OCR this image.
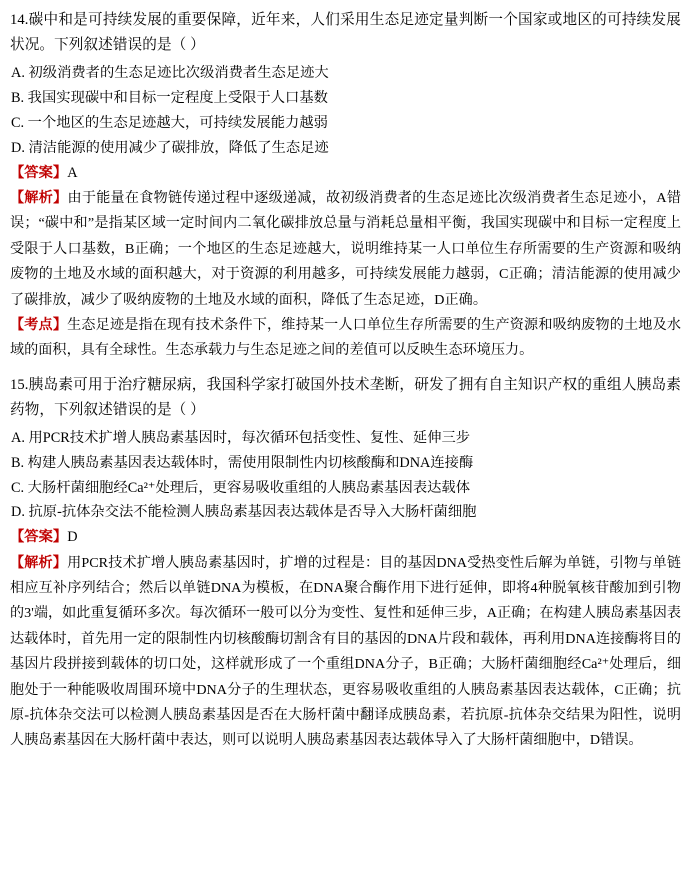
14.碳中和是可持续发展的重要保障，近年来，人们采用生态足迹定量判断一个国家或地区的可持续发展状况。下列叙述错误的是（ ）

A. 初级消费者的生态足迹比次级消费者生态足迹大

B. 我国实现碳中和目标一定程度上受限于人口基数

C. 一个地区的生态足迹越大，可持续发展能力越弱

D. 清洁能源的使用减少了碳排放，降低了生态足迹

【答案】A

【解析】由于能量在食物链传递过程中逐级递减，故初级消费者的生态足迹比次级消费者生态足迹小，A错误；“碳中和”是指某区域一定时间内二氧化碳排放总量与消耗总量相平衡，我国实现碳中和目标一定程度上受限于人口基数，B正确；一个地区的生态足迹越大，说明维持某一人口单位生存所需要的生产资源和吸纳废物的土地及水域的面积越大，对于资源的利用越多，可持续发展能力越弱，C正确；清洁能源的使用减少了碳排放，减少了吸纳废物的土地及水域的面积，降低了生态足迹，D正确。

【考点】生态足迹是指在现有技术条件下，维持某一人口单位生存所需要的生产资源和吸纳废物的土地及水域的面积，具有全球性。生态承载力与生态足迹之间的差值可以反映生态环境压力。

15.胰岛素可用于治疗糖尿病，我国科学家打破国外技术垄断，研发了拥有自主知识产权的重组人胰岛素药物，下列叙述错误的是（ ）

A. 用PCR技术扩增人胰岛素基因时，每次循环包括变性、复性、延伸三步

B. 构建人胰岛素基因表达载体时，需使用限制性内切核酸酶和DNA连接酶

C. 大肠杆菌细胞经Ca²⁺处理后，更容易吸收重组的人胰岛素基因表达载体

D. 抗原-抗体杂交法不能检测人胰岛素基因表达载体是否导入大肠杆菌细胞

【答案】D

【解析】用PCR技术扩增人胰岛素基因时，扩增的过程是：目的基因DNA受热变性后解为单链，引物与单链相应互补序列结合；然后以单链DNA为模板，在DNA聚合酶作用下进行延伸，即将4种脱氧核苷酸加到引物的3'端，如此重复循环多次。每次循环一般可以分为变性、复性和延伸三步，A正确；在构建人胰岛素基因表达载体时，首先用一定的限制性内切核酸酶切割含有目的基因的DNA片段和载体，再利用DNA连接酶将目的基因片段拼接到载体的切口处，这样就形成了一个重组DNA分子，B正确；大肠杆菌细胞经Ca²⁺处理后，细胞处于一种能吸收周围环境中DNA分子的生理状态，更容易吸收重组的人胰岛素基因表达载体，C正确；抗原-抗体杂交法可以检测人胰岛素基因是否在大肠杆菌中翻译成胰岛素，若抗原-抗体杂交结果为阳性，说明人胰岛素基因在大肠杆菌中表达，则可以说明人胰岛素基因表达载体导入了大肠杆菌细胞中，D错误。
